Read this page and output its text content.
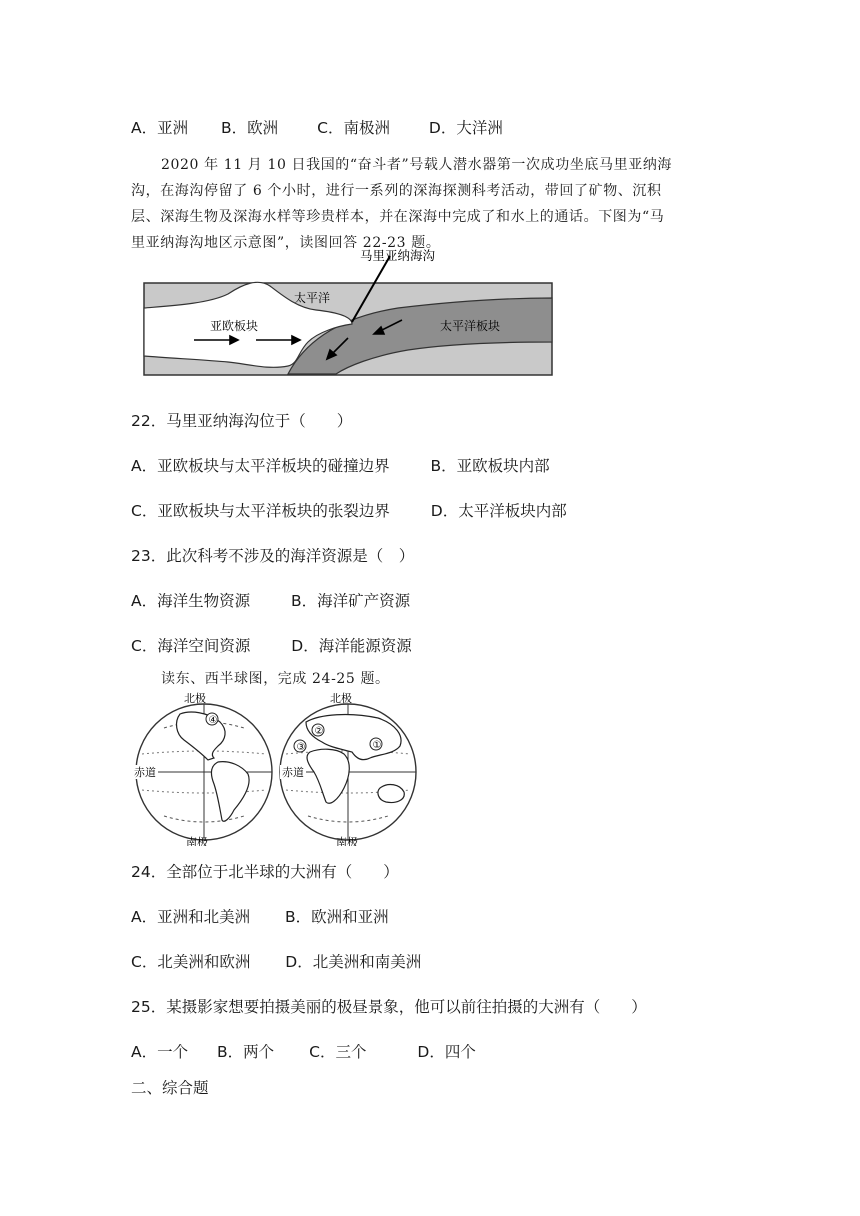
A．亚洲 B．欧洲	C．南极洲	D．大洋洲
2020 年 11 月 10 日我国的“奋斗者”号载人潜水器第一次成功坐底马里亚纳海
沟，在海沟停留了 6 个小时，进行一系列的深海探测科考活动，带回了矿物、沉积
层、深海生物及深海水样等珍贵样本，并在深海中完成了和水上的通话。下图为“马
里亚纳海沟地区示意图”，读图回答 22-23 题。
马里亚纳海沟
太平洋
亚欧板块	太平洋板块
22．马里亚纳海沟位于（　　）
A．亚欧板块与太平洋板块的碰撞边界	B．亚欧板块内部
C．亚欧板块与太平洋板块的张裂边界	D．太平洋板块内部
23．此次科考不涉及的海洋资源是（　）
A．海洋生物资源	B．海洋矿产资源
C．海洋空间资源	D．海洋能源资源
读东、西半球图，完成 24-25 题。
④
北极
南极
赤道
②
③	①
北极
南极
赤道
24．全部位于北半球的大洲有（　　）
A．亚洲和北美洲 B．欧洲和亚洲
C．北美洲和欧洲 D．北美洲和南美洲
25．某摄影家想要拍摄美丽的极昼景象，他可以前往拍摄的大洲有（　　）
A．一个 B．两个 C．三个	D．四个
二、综合题
